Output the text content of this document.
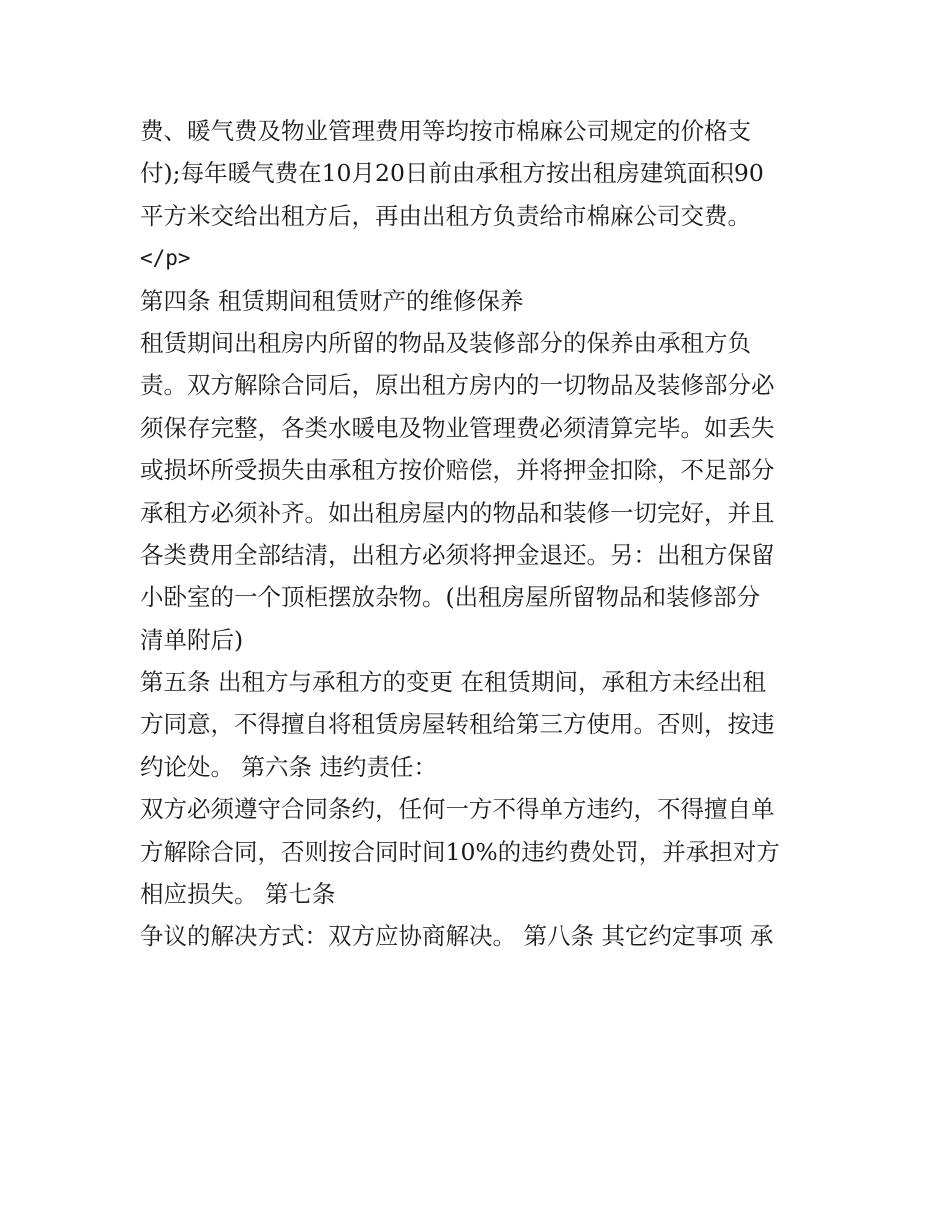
费、暖气费及物业管理费用等均按市棉麻公司规定的价格支
付);每年暖气费在10月20日前由承租方按出租房建筑面积90
平方米交给出租方后，再由出租方负责给市棉麻公司交费。
</p>
第四条 租赁期间租赁财产的维修保养
租赁期间出租房内所留的物品及装修部分的保养由承租方负
责。双方解除合同后，原出租方房内的一切物品及装修部分必
须保存完整，各类水暖电及物业管理费必须清算完毕。如丢失
或损坏所受损失由承租方按价赔偿，并将押金扣除，不足部分
承租方必须补齐。如出租房屋内的物品和装修一切完好，并且
各类费用全部结清，出租方必须将押金退还。另：出租方保留
小卧室的一个顶柜摆放杂物。(出租房屋所留物品和装修部分
清单附后)
第五条 出租方与承租方的变更 在租赁期间，承租方未经出租
方同意，不得擅自将租赁房屋转租给第三方使用。否则，按违
约论处。 第六条 违约责任：
双方必须遵守合同条约，任何一方不得单方违约，不得擅自单
方解除合同，否则按合同时间10%的违约费处罚，并承担对方
相应损失。 第七条
争议的解决方式：双方应协商解决。 第八条 其它约定事项 承
